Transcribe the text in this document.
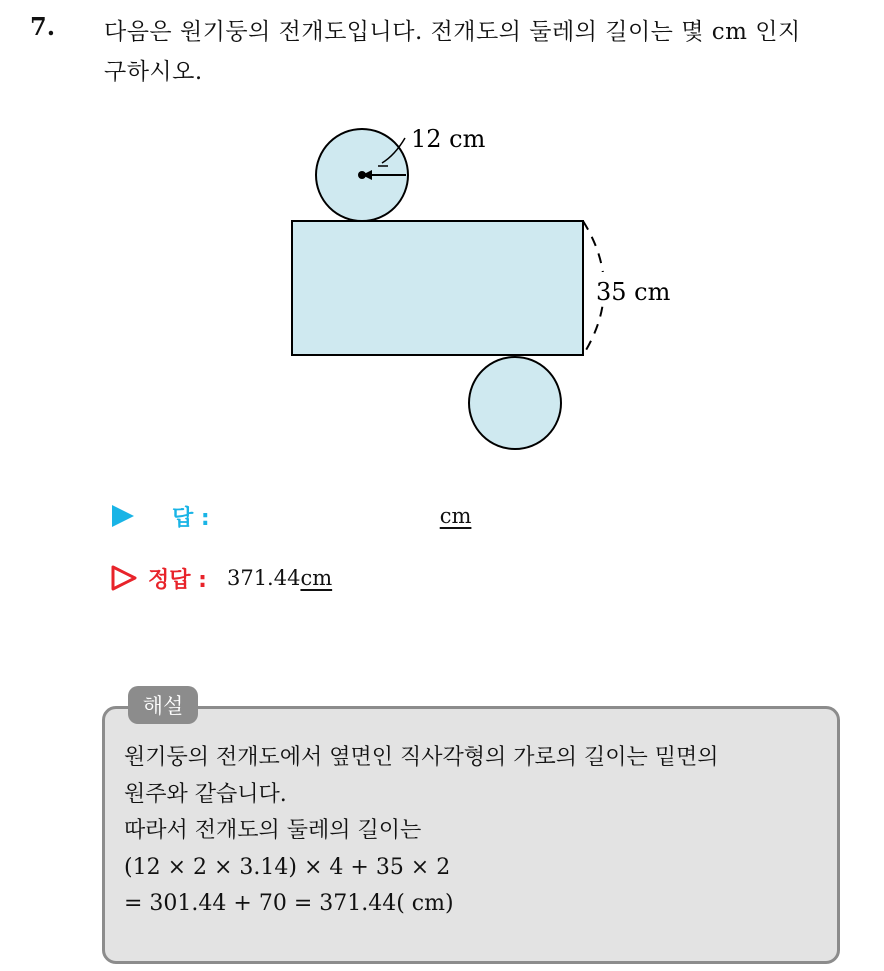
7. 다음은 원기둥의 전개도입니다. 전개도의 둘레의 길이는 몇 cm 인지
구하시오.
12 cm
35 cm
답 :	cm
정답 : 371.44 cm
해설
원기둥의 전개도에서 옆면인 직사각형의 가로의 길이는 밑면의
원주와 같습니다.
따라서 전개도의 둘레의 길이는
(12 × 2 × 3.14) × 4 + 35 × 2
= 301.44 + 70 = 371.44( cm)
